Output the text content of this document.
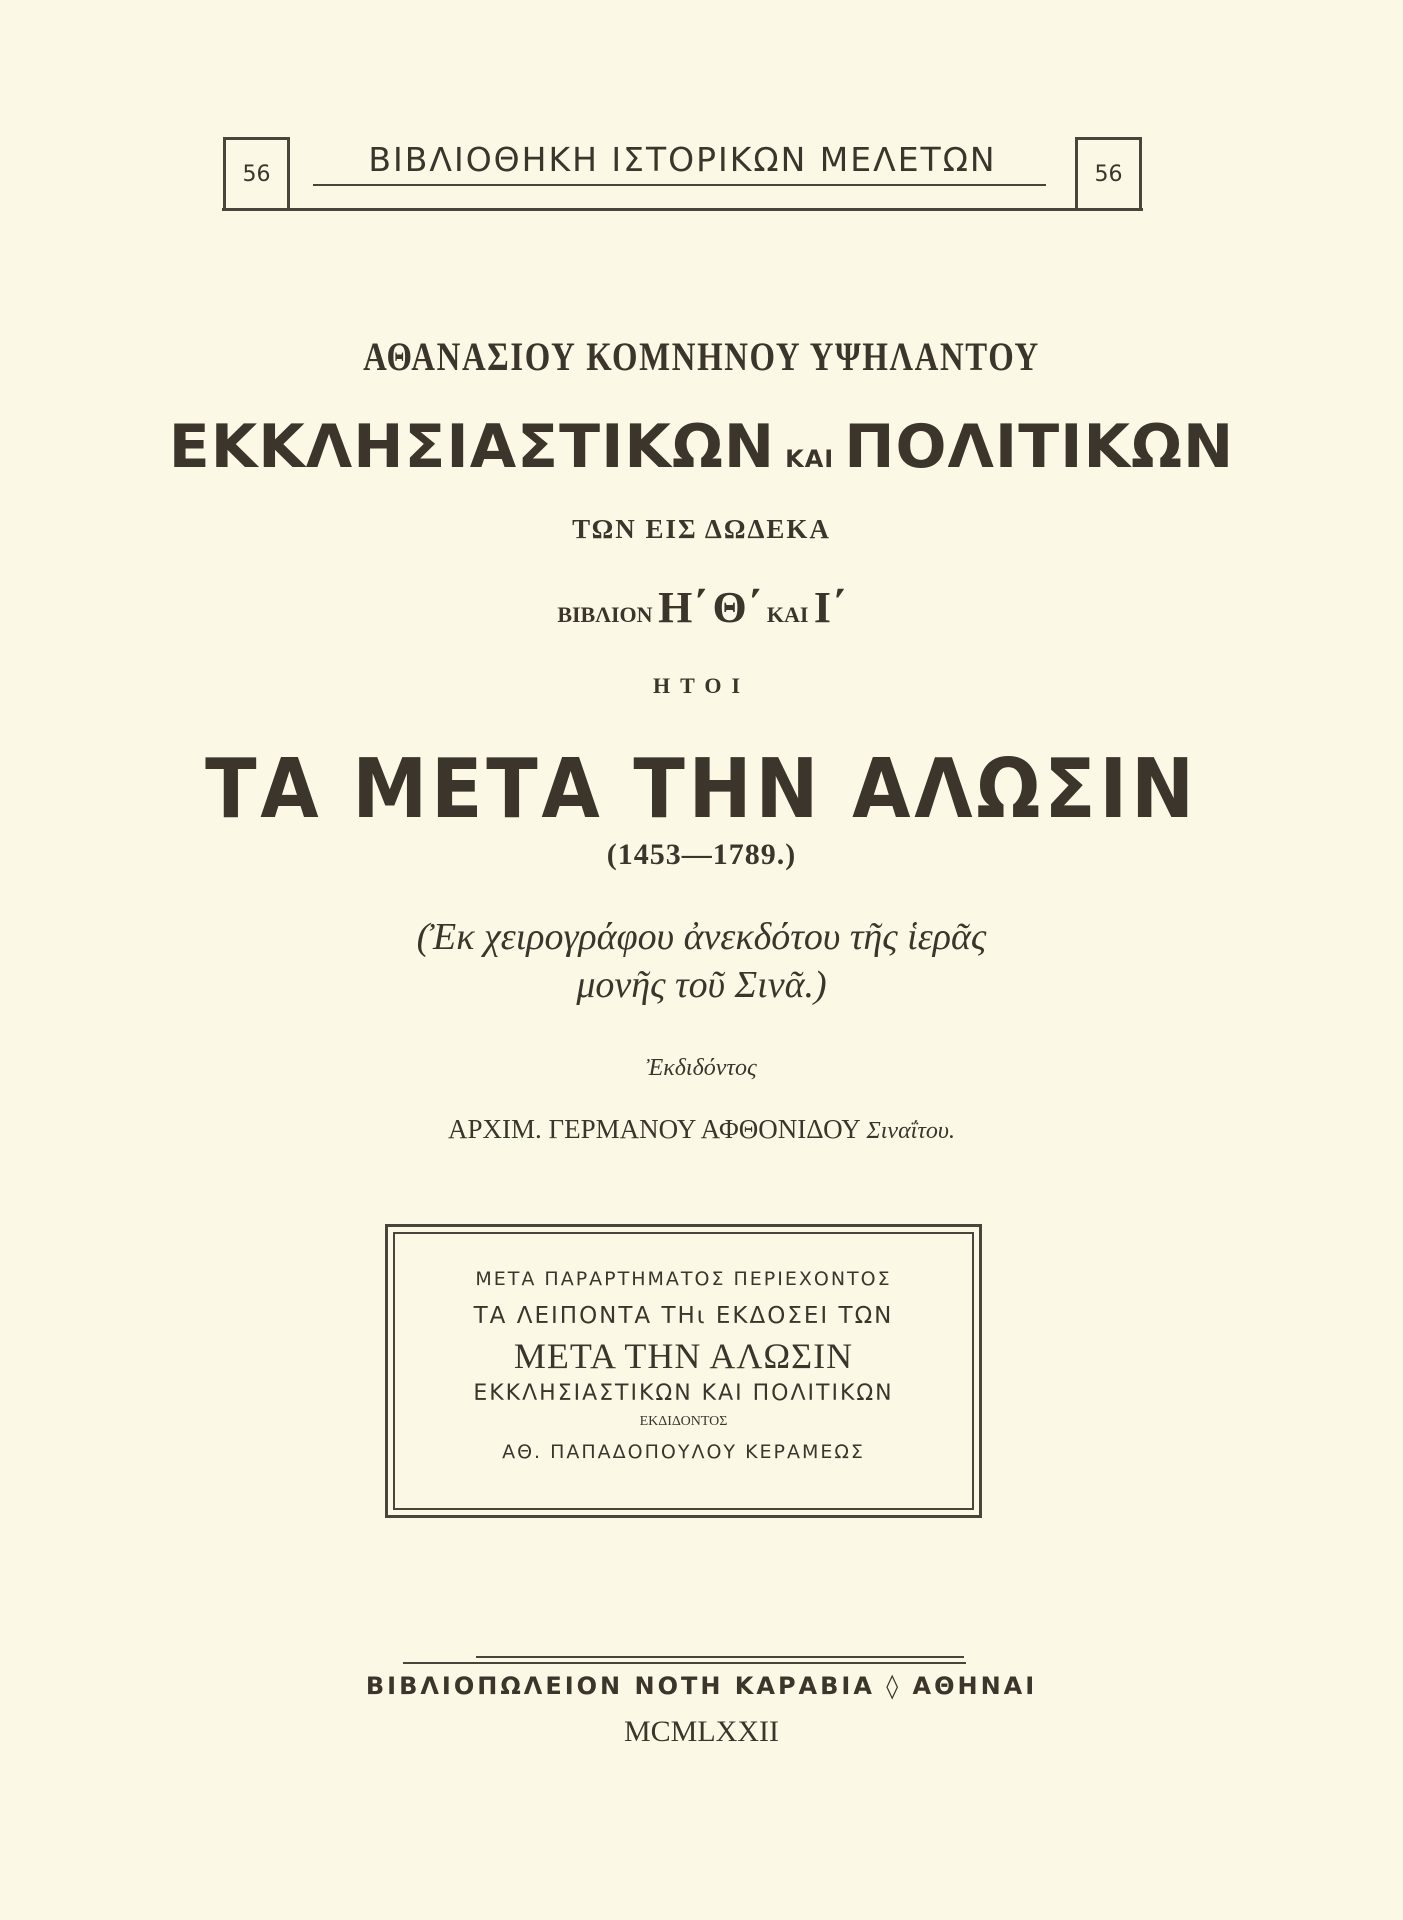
56	ΒΙΒΛΙΟΘΗΚΗ ΙΣΤΟΡΙΚΩΝ ΜΕΛΕΤΩΝ	56
ΑΘΑΝΑΣΙΟΥ ΚΟΜΝΗΝΟΥ ΥΨΗΛΑΝΤΟΥ
ΕΚΚΛΗΣΙΑΣΤΙΚΩΝ ΚΑΙ ΠΟΛΙΤΙΚΩΝ
ΤΩΝ ΕΙΣ ΔΩΔΕΚΑ
ΒΙΒΛΙΟΝ Η΄ Θ΄ ΚΑΙ Ι΄
ΗΤΟΙ
ΤΑ ΜΕΤΑ ΤΗΝ ΑΛΩΣΙΝ
(1453—1789.)
(Ἐκ χειρογράφου ἀνεκδότου τῆς ἱερᾶς
μονῆς τοῦ Σινᾶ.)
Ἐκδιδόντος
ΑΡΧΙΜ. ΓΕΡΜΑΝΟΥ ΑΦΘΟΝΙΔΟΥ Σιναΐτου.
ΜΕΤΑ ΠΑΡΑΡΤΗΜΑΤΟΣ ΠΕΡΙΕΧΟΝΤΟΣ
ΤΑ ΛΕΙΠΟΝΤΑ ΤΗι ΕΚΔΟΣΕΙ ΤΩΝ
ΜΕΤΑ ΤΗΝ ΑΛΩΣΙΝ
ΕΚΚΛΗΣΙΑΣΤΙΚΩΝ ΚΑΙ ΠΟΛΙΤΙΚΩΝ
ΕΚΔΙΔΟΝΤΟΣ
ΑΘ. ΠΑΠΑΔΟΠΟΥΛΟΥ ΚΕΡΑΜΕΩΣ
ΒΙΒΛΙΟΠΩΛΕΙΟΝ ΝΟΤΗ ΚΑΡΑΒΙΑ ◊ ΑΘΗΝΑΙ
MCMLXXII
